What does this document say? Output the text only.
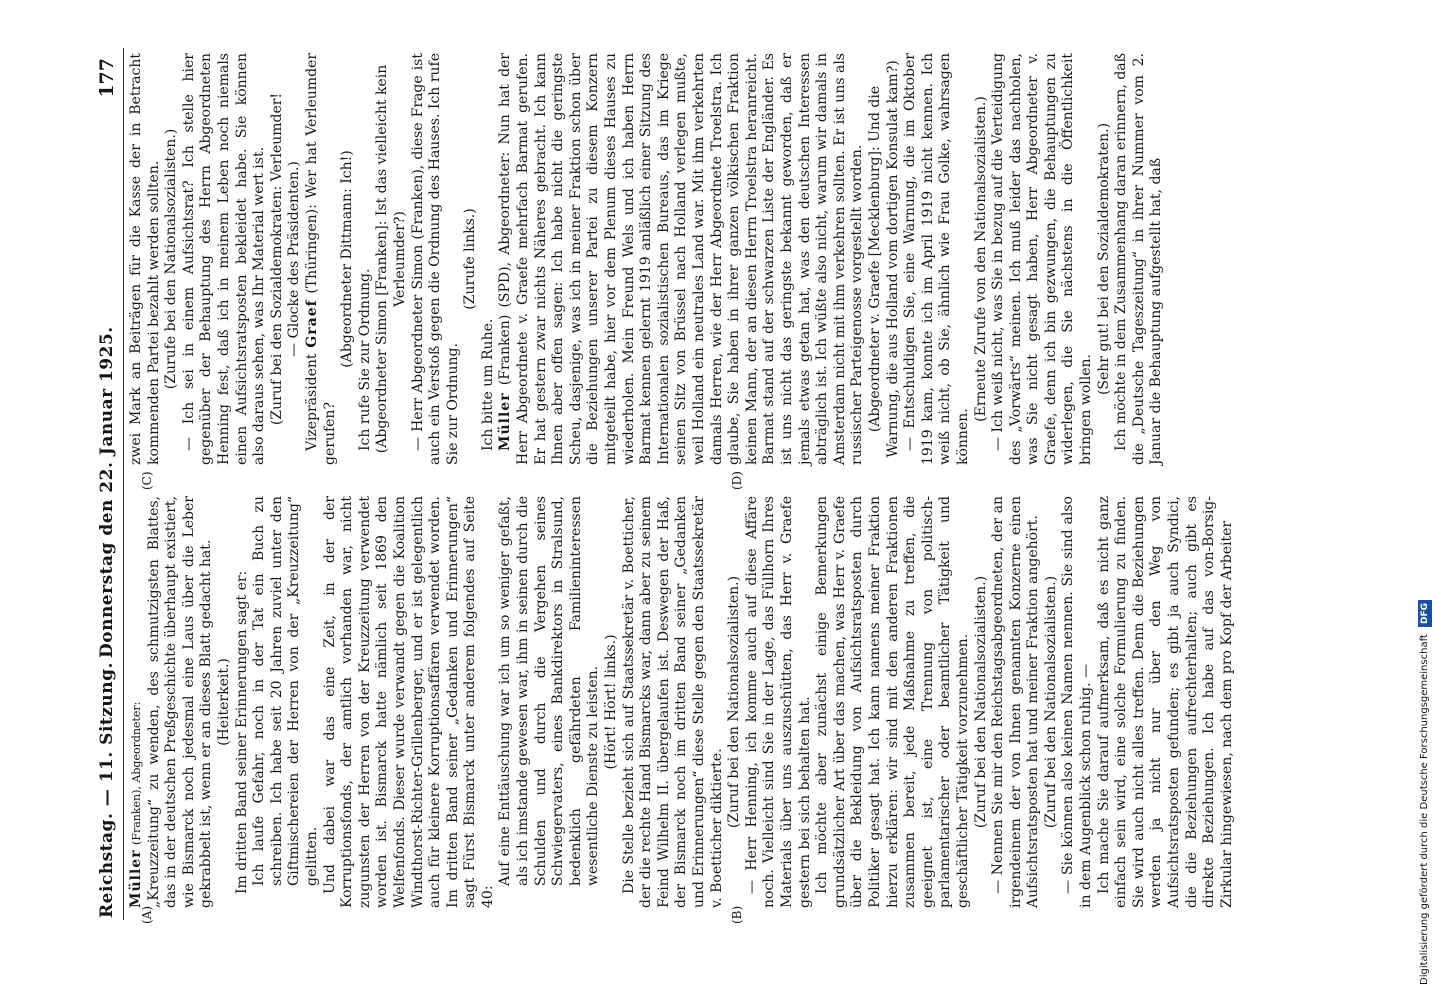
Reichstag. — 11. Sitzung.
Donnerstag den 22. Januar 1925.
177
(A)	(B)
(C)	(D)

Müller (Franken), Abgeordneter: „Kreuzzeitung“ zu wenden, des schmutzigsten Blattes, das in der deutschen Preßgeschichte überhaupt existiert, wie Bismarck noch jedesmal eine Laus über die Leber gekrabbelt ist, wenn er an dieses Blatt gedacht hat. (Heiterkeit.) Im dritten Band seiner Erinnerungen sagt er: Ich laufe Gefahr, noch in der Tat ein Buch zu schreiben. Ich habe seit 20 Jahren zuviel unter den Giftmischereien der Herren von der „Kreuzzeitung“ gelitten. Und dabei war das eine Zeit, in der der Korruptionsfonds, der amtlich vorhanden war, nicht zugunsten der Herren von der Kreuzzeitung verwendet worden ist. Bismarck hatte nämlich seit 1869 den Welfenfonds. Dieser wurde verwandt gegen die Koalition Windthorst-Richter-Grillenberger, und er ist gelegentlich auch für kleinere Korruptionsaffären verwendet worden. Im dritten Band seiner „Gedanken und Erinnerungen“ sagt Fürst Bismarck unter anderem folgendes auf Seite 40:

Auf eine Enttäuschung war ich um so weniger gefaßt, als ich imstande gewesen war, ihm in seinen durch die Schulden und durch die Vergehen seines Schwiegervaters, eines Bankdirektors in Stralsund, bedenklich gefährdeten Familieninteressen wesentliche Dienste zu leisten. (Hört! Hört! links.) Die Stelle bezieht sich auf Staatssekretär v. Boetticher, der die rechte Hand Bismarcks war, dann aber zu seinem Feind Wilhelm II. übergelaufen ist. Deswegen der Haß, der Bismarck noch im dritten Band seiner „Gedanken und Erinnerungen“ diese Stelle gegen den Staatssekretär v. Boetticher diktierte.

(Zuruf bei den Nationalsozialisten.) — Herr Henning, ich komme auch auf diese Affäre noch. Vielleicht sind Sie in der Lage, das Füllhorn Ihres Materials über uns auszuschütten, das Herr v. Graefe gestern bei sich behalten hat. Ich möchte aber zunächst einige Bemerkungen grundsätzlicher Art über das machen, was Herr v. Graefe über die Bekleidung von Aufsichtsratsposten durch Politiker gesagt hat. Ich kann namens meiner Fraktion hierzu erklären: wir sind mit den anderen Fraktionen zusammen bereit, jede Maßnahme zu treffen, die geeignet ist, eine Trennung von politisch-parlamentarischer oder beamtlicher Tätigkeit und geschäftlicher Tätigkeit vorzunehmen. (Zuruf bei den Nationalsozialisten.) — Nennen Sie mir den Reichstagsabgeordneten, der an irgendeinem der von Ihnen genannten Konzerne einen Aufsichtsratsposten hat und meiner Fraktion angehört. (Zuruf bei den Nationalsozialisten.) — Sie können also keinen Namen nennen. Sie sind also in dem Augenblick schon ruhig. — Ich mache Sie darauf aufmerksam, daß es nicht ganz einfach sein wird, eine solche Formulierung zu finden. Sie wird auch nicht alles treffen. Denn die Beziehungen werden ja nicht nur über den Weg von Aufsichtsratsposten gefunden; es gibt ja auch Syndici, die die Beziehungen aufrechterhalten; auch gibt es direkte Beziehungen. Ich habe auf das von-Borsig-Zirkular hingewiesen, nach dem pro Kopf der Arbeiter

zwei Mark an Beiträgen für die Kasse der in Betracht kommenden Partei bezahlt werden sollten. (Zurufe bei den Nationalsozialisten.) — Ich sei in einem Aufsichtsrat? Ich stelle hier gegenüber der Behauptung des Herrn Abgeordneten Henning fest, daß ich in meinem Leben noch niemals einen Aufsichtsratsposten bekleidet habe. Sie können also daraus sehen, was Ihr Material wert ist. (Zuruf bei den Sozialdemokraten: Verleumder! — Glocke des Präsidenten.)

Vizepräsident Graef (Thüringen): Wer hat Verleumder gerufen?

(Abgeordneter Dittmann: Ich!) Ich rufe Sie zur Ordnung. (Abgeordneter Simon [Franken]: Ist das vielleicht kein Verleumder?) — Herr Abgeordneter Simon (Franken), diese Frage ist auch ein Verstoß gegen die Ordnung des Hauses. Ich rufe Sie zur Ordnung.

(Zurufe links.)

Ich bitte um Ruhe. Müller (Franken) (SPD), Abgeordneter: Nun hat der Herr Abgeordnete v. Graefe mehrfach Barmat gerufen. Er hat gestern zwar nichts Näheres gebracht. Ich kann Ihnen aber offen sagen: Ich habe nicht die geringste Scheu, dasjenige, was ich in meiner Fraktion schon über die Beziehungen unserer Partei zu diesem Konzern mitgeteilt habe, hier vor dem Plenum dieses Hauses zu wiederholen. Mein Freund Wels und ich haben Herrn Barmat kennen gelernt 1919 anläßlich einer Sitzung des Internationalen sozialistischen Bureaus, das im Kriege seinen Sitz von Brüssel nach Holland verlegen mußte, weil Holland ein neutrales Land war. Mit ihm verkehrten damals Herren, wie der Herr Abgeordnete Troelstra. Ich glaube, Sie haben in ihrer ganzen völkischen Fraktion keinen Mann, der an diesen Herrn Troelstra heranreicht. Barmat stand auf der schwarzen Liste der Engländer. Es ist uns nicht das geringste bekannt geworden, daß er jemals etwas getan hat, was den deutschen Interessen abträglich ist. Ich wüßte also nicht, warum wir damals in Amsterdam nicht mit ihm verkehren sollten. Er ist uns als russischer Parteigenosse vorgestellt worden. (Abgeordneter v. Graefe [Mecklenburg]: Und die Warnung, die aus Holland vom dortigen Konsulat kam?) — Entschuldigen Sie, eine Warnung, die im Oktober 1919 kam, konnte ich im April 1919 nicht kennen. Ich weiß nicht, ob Sie, ähnlich wie Frau Golke, wahrsagen können.

(Erneute Zurufe von den Nationalsozialisten.) — Ich weiß nicht, was Sie in bezug auf die Verteidigung des „Vorwärts“ meinen. Ich muß leider das nachholen, was Sie nicht gesagt haben, Herr Abgeordneter v. Graefe, denn ich bin gezwungen, die Behauptungen zu widerlegen, die Sie nächstens in die Öffentlichkeit bringen wollen.

(Sehr gut! bei den Sozialdemokraten.) Ich möchte in dem Zusammenhang daran erinnern, daß die „Deutsche Tageszeitung“ in ihrer Nummer vom 2. Januar die Behauptung aufgestellt hat, daß

Digitalisierung gefördert durch die Deutsche Forschungsgemeinschaft DFG
